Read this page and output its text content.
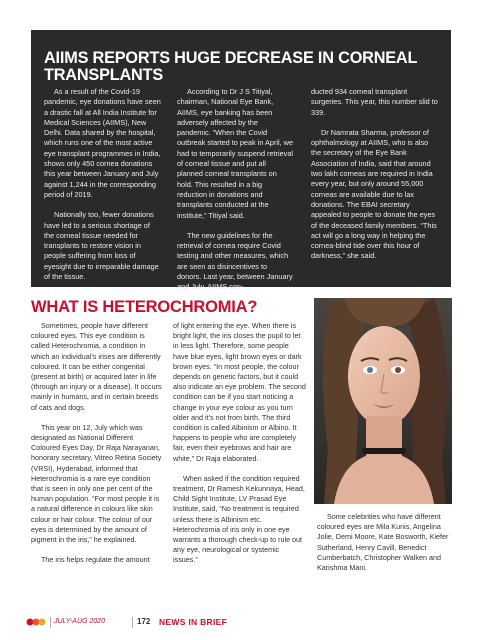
AIIMS REPORTS HUGE DECREASE IN CORNEAL TRANSPLANTS

As a result of the Covid-19 pandemic, eye donations have seen a drastic fall at All India Institute for Medical Sciences (AIIMS), New Delhi. Data shared by the hospital, which runs one of the most active eye transplant programmes in India, shows only 450 cornea donations this year between January and July against 1,244 in the corresponding period of 2019.

Nationally too, fewer donations have led to a serious shortage of the corneal tissue needed for transplants to restore vision in people suffering from loss of eyesight due to irreparable damage of the tissue.

According to Dr J S Titiyal, chairman, National Eye Bank, AIIMS, eye banking has been adversely affected by the pandemic. “When the Covid outbreak started to peak in April, we had to temporarily suspend retrieval of corneal tissue and put all planned corneal transplants on hold. This resulted in a big reduction in donations and transplants conducted at the institute,” Titiyal said.

The new guidelines for the retrieval of cornea require Covid testing and other measures, which are seen as disincentives to donors. Last year, between January and July, AIIMS con-

ducted 934 corneal transplant surgeries. This year, this number slid to 339.

Dr Namrata Sharma, professor of ophthalmology at AIIMS, who is also the secretary of the Eye Bank Association of India, said that around two lakh corneas are required in India every year, but only around 55,000 corneas are available due to lax donations. The EBAI secretary appealed to people to donate the eyes of the deceased family members. “This act will go a long way in helping the cornea-blind tide over this hour of darkness,” she said.

WHAT IS HETEROCHROMIA?

Sometimes, people have different coloured eyes. This eye condition is called Heterochromia, a condition in which an individual’s irises are differently coloured. It can be either congenital (present at birth) or acquired later in life (through an injury or a disease). It occurs mainly in humans, and in certain breeds of cats and dogs.

This year on 12, July which was designated as National Different Coloured Eyes Day, Dr Raja Narayanan, honorary secretary, Vitreo Retina Society (VRSI), Hyderabad, informed that Heterochromia is a rare eye condition that is seen in only one per cent of the human population. “For most people it is a natural difference in colours like skin colour or hair colour. The colour of our eyes is determined by the amount of pigment in the iris,” he explained.

The iris helps regulate the amount

of light entering the eye. When there is bright light, the iris closes the pupil to let in less light. Therefore, some people have blue eyes, light brown eyes or dark brown eyes. “In most people, the colour depends on genetic factors, but it could also indicate an eye problem. The second condition can be if you start noticing a change in your eye colour as you turn older and it’s not from birth. The third condition is called Albinism or Albino. It happens to people who are completely fair, even their eyebrows and hair are white,” Dr Raja elaborated.

When asked if the condition required treatment, Dr Ramesh Kekunnaya, Head, Child Sight Institute, LV Prasad Eye Institute, said, “No treatment is required unless there is Albinism etc. Heterochromia of iris only in one eye warrants a thorough check-up to rule out any eye, neurological or systemic issues.”

Some celebrities who have different coloured eyes are Mila Kunis, Angelina Jolie, Demi Moore, Kate Bosworth, Kiefer Sutherland, Henry Cavill, Benedict Cumberbatch, Christopher Walken and Karishma Mani.

JULY-AUG 2020	172 NEWS IN BRIEF
